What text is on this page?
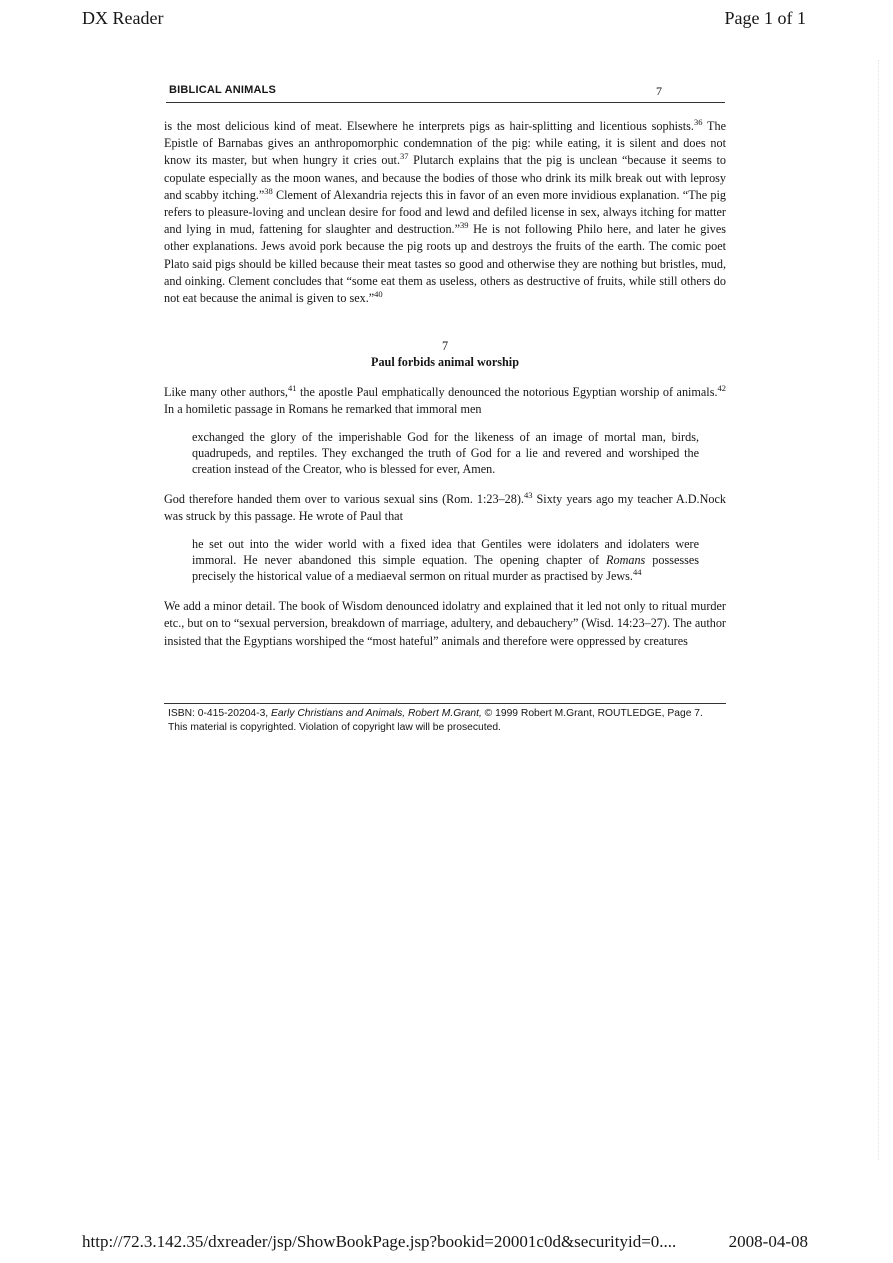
DX Reader	Page 1 of 1
BIBLICAL ANIMALS	7

is the most delicious kind of meat. Elsewhere he interprets pigs as hair-splitting and licentious sophists.$^{36}$ The Epistle of Barnabas gives an anthropomorphic condemnation of the pig: while eating, it is silent and does not know its master, but when hungry it cries out.$^{37}$ Plutarch explains that the pig is unclean “because it seems to copulate especially as the moon wanes, and because the bodies of those who drink its milk break out with leprosy and scabby itching.”$^{38}$ Clement of Alexandria rejects this in favor of an even more invidious explanation. “The pig refers to pleasure-loving and unclean desire for food and lewd and defiled license in sex, always itching for matter and lying in mud, fattening for slaughter and destruction.”$^{39}$ He is not following Philo here, and later he gives other explanations. Jews avoid pork because the pig roots up and destroys the fruits of the earth. The comic poet Plato said pigs should be killed because their meat tastes so good and otherwise they are nothing but bristles, mud, and oinking. Clement concludes that “some eat them as useless, others as destructive of fruits, while still others do not eat because the animal is given to sex.”$^{40}$

7
Paul forbids animal worship

Like many other authors,$^{41}$ the apostle Paul emphatically denounced the notorious Egyptian worship of animals.$^{42}$ In a homiletic passage in Romans he remarked that immoral men

exchanged the glory of the imperishable God for the likeness of an image of mortal man, birds, quadrupeds, and reptiles. They exchanged the truth of God for a lie and revered and worshiped the creation instead of the Creator, who is blessed for ever, Amen.

God therefore handed them over to various sexual sins (Rom. 1:23–28).$^{43}$ Sixty years ago my teacher A.D.Nock was struck by this passage. He wrote of Paul that

he set out into the wider world with a fixed idea that Gentiles were idolaters and idolaters were immoral. He never abandoned this simple equation. The opening chapter of Romans possesses precisely the historical value of a mediaeval sermon on ritual murder as practised by Jews.$^{44}$

We add a minor detail. The book of Wisdom denounced idolatry and explained that it led not only to ritual murder etc., but on to “sexual perversion, breakdown of marriage, adultery, and debauchery” (Wisd. 14:23–27). The author insisted that the Egyptians worshiped the “most hateful” animals and therefore were oppressed by creatures

ISBN: 0-415-20204-3, Early Christians and Animals, Robert M.Grant, © 1999 Robert M.Grant, ROUTLEDGE, Page 7.
This material is copyrighted. Violation of copyright law will be prosecuted.
http://72.3.142.35/dxreader/jsp/ShowBookPage.jsp?bookid=20001c0d&securityid=0....	2008-04-08
